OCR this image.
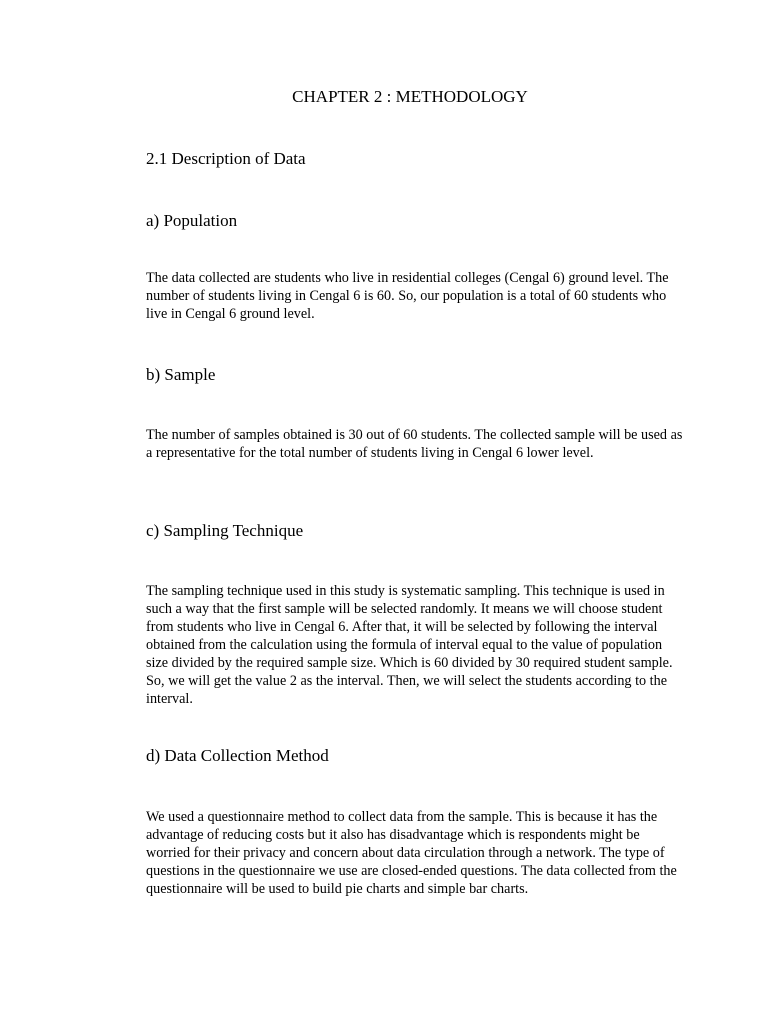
CHAPTER 2 : METHODOLOGY
2.1 Description of Data
a) Population
The data collected are students who live in residential colleges (Cengal 6) ground level. The number of students living in Cengal 6 is 60. So, our population is a total of 60 students who live in Cengal 6 ground level.
b) Sample
The number of samples obtained is 30 out of 60 students. The collected sample will be used as a representative for the total number of students living in Cengal 6 lower level.
c) Sampling Technique
The sampling technique used in this study is systematic sampling. This technique is used in such a way that the first sample will be selected randomly. It means we will choose student from students who live in Cengal 6. After that, it will be selected by following the interval obtained from the calculation using the formula of interval equal to the value of population size divided by the required sample size. Which is 60 divided by 30 required student sample. So, we will get the value 2 as the interval. Then, we will select the students according to the interval.
d) Data Collection Method
We used a questionnaire method to collect data from the sample. This is because it has the advantage of reducing costs but it also has disadvantage which is respondents might be worried for their privacy and concern about data circulation through a network. The type of questions in the questionnaire we use are closed-ended questions. The data collected from the questionnaire will be used to build pie charts and simple bar charts.
